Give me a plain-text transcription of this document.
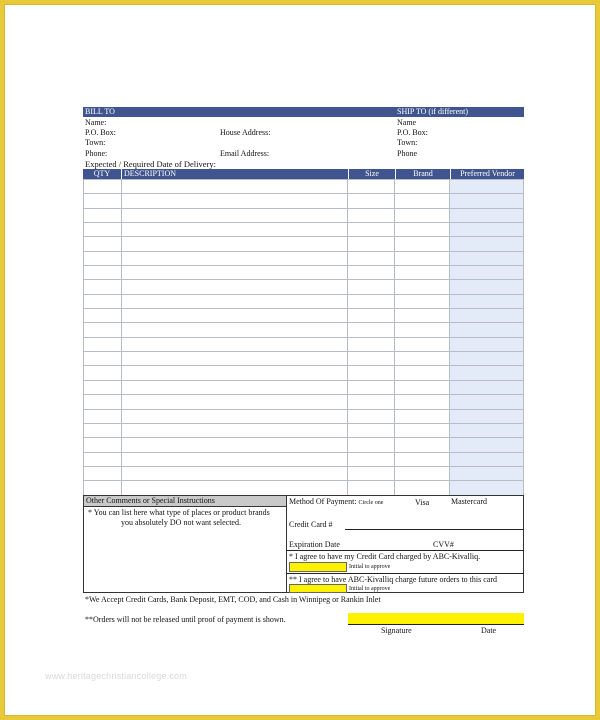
BILL TO	SHIP TO (if different)
Name:
P.O. Box:	House Address:
Town:
Phone:	Email Address:
Name
P.O. Box:
Town:
Phone
Expected / Required Date of Delivery:
QTY	DESCRIPTION	Size	Brand	Preferred Vendor

Other Comments or Special Instructions
* You can list here what type of places or product brands
you absolutely DO not want selected.
Method Of Payment: Circle one	Visa	Mastercard
Credit Card #
Expiration Date	CVV#
* I agree to have my Credit Card charged by ABC-Kivalliq.
Initial to approve
** I agree to have ABC-Kivalliq charge future orders to this card
Initial to approve
*We Accept Credit Cards, Bank Deposit, EMT, COD, and Cash in Winnipeg or Rankin Inlet
**Orders will not be released until proof of payment is shown.
Signature	Date
www.heritagechristiancollege.com
